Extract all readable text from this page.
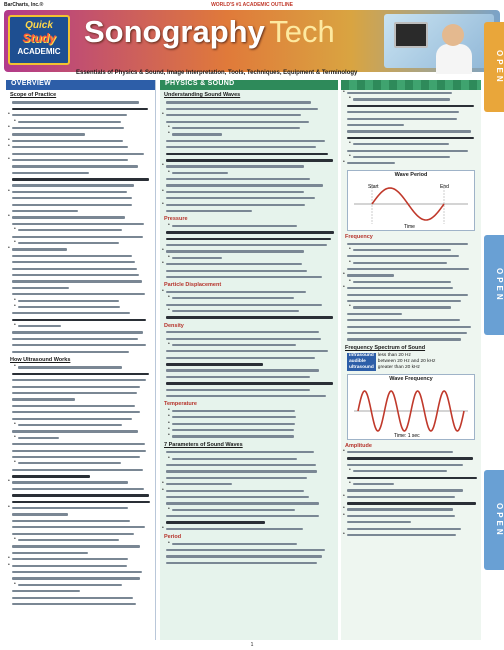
BarCharts, Inc.®	WORLD'S #1 ACADEMIC OUTLINE
Quick
Study
ACADEMIC
Sonography Tech
Essentials of Physics & Sound, Image Interpretation, Tools, Techniques, Equipment & Terminology
OVERVIEW
Scope of Practice
•
•
•
•
•
•
•
•
•
•
•
•
•
•
How Ultrasound Works
•
•
•
•
•
•
•
•
•
•
PHYSICS & SOUND
Understanding Sound Waves
•
•
•
•
•
•
•
Pressure
•
•
•
•
Particle Displacement
•
•
•
Density
•
Temperature
•
•
•
•
•
7 Parameters of Sound Waves
•
•
•
•
•
Period
•
•
•
•
•
•
Wave Period
Start	End
Time
Frequency
•
•
•
•
•
•
Frequency Spectrum of Sound
infrasound	less than 20 Hz
audible	between 20 Hz and 20 kHz
ultrasound	greater than 20 kHz
Wave Frequency
Time: 1 sec
Amplitude
•
•
•
•
•
•
•
OPEN
OPEN
OPEN
1
